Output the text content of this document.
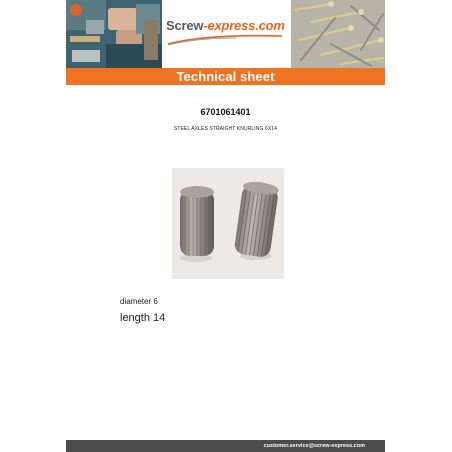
Screw-express.com
Technical sheet
6701061401
STEEL AXLES STRAIGHT KNURLING 6X14
diameter 6
length 14
customer.service@screw-express.com
